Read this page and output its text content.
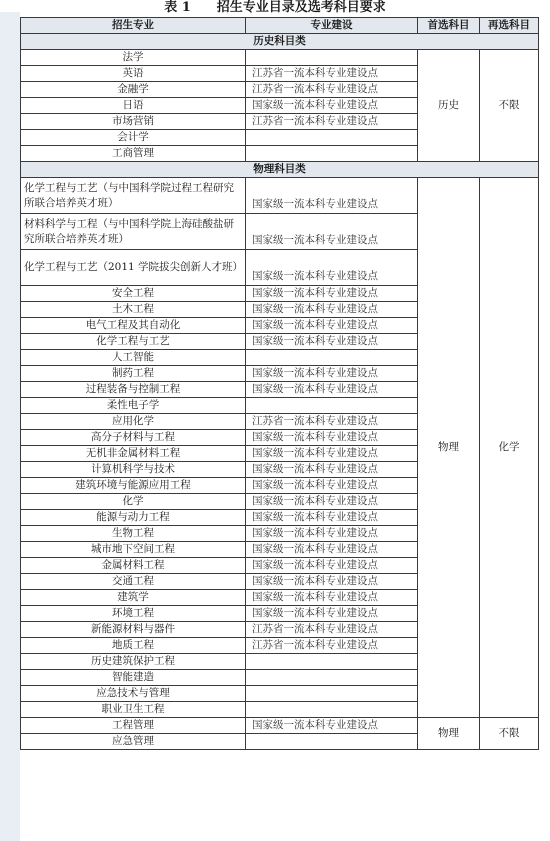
表 1　　招生专业目录及选考科目要求
招生专业	专业建设	首选科目	再选科目
历史科目类			
法学		历史	不限
英语	江苏省一流本科专业建设点		
金融学	江苏省一流本科专业建设点		
日语	国家级一流本科专业建设点		
市场营销	江苏省一流本科专业建设点		
会计学			
工商管理			
物理科目类			
化学工程与工艺（与中国科学院过程工程研究所联合培养英才班）	国家级一流本科专业建设点	物理	化学
材料科学与工程（与中国科学院上海硅酸盐研究所联合培养英才班）	国家级一流本科专业建设点		
化学工程与工艺（2011 学院拔尖创新人才班）	国家级一流本科专业建设点		
安全工程	国家级一流本科专业建设点		
土木工程	国家级一流本科专业建设点		
电气工程及其自动化	国家级一流本科专业建设点		
化学工程与工艺	国家级一流本科专业建设点		
人工智能			
制药工程	国家级一流本科专业建设点		
过程装备与控制工程	国家级一流本科专业建设点		
柔性电子学			
应用化学	江苏省一流本科专业建设点		
高分子材料与工程	国家级一流本科专业建设点		
无机非金属材料工程	国家级一流本科专业建设点		
计算机科学与技术	国家级一流本科专业建设点		
建筑环境与能源应用工程	国家级一流本科专业建设点		
化学	国家级一流本科专业建设点		
能源与动力工程	国家级一流本科专业建设点		
生物工程	国家级一流本科专业建设点		
城市地下空间工程	国家级一流本科专业建设点		
金属材料工程	国家级一流本科专业建设点		
交通工程	国家级一流本科专业建设点		
建筑学	国家级一流本科专业建设点		
环境工程	国家级一流本科专业建设点		
新能源材料与器件	江苏省一流本科专业建设点		
地质工程	江苏省一流本科专业建设点		
历史建筑保护工程			
智能建造			
应急技术与管理			
职业卫生工程			
工程管理	国家级一流本科专业建设点	物理	不限
应急管理			
